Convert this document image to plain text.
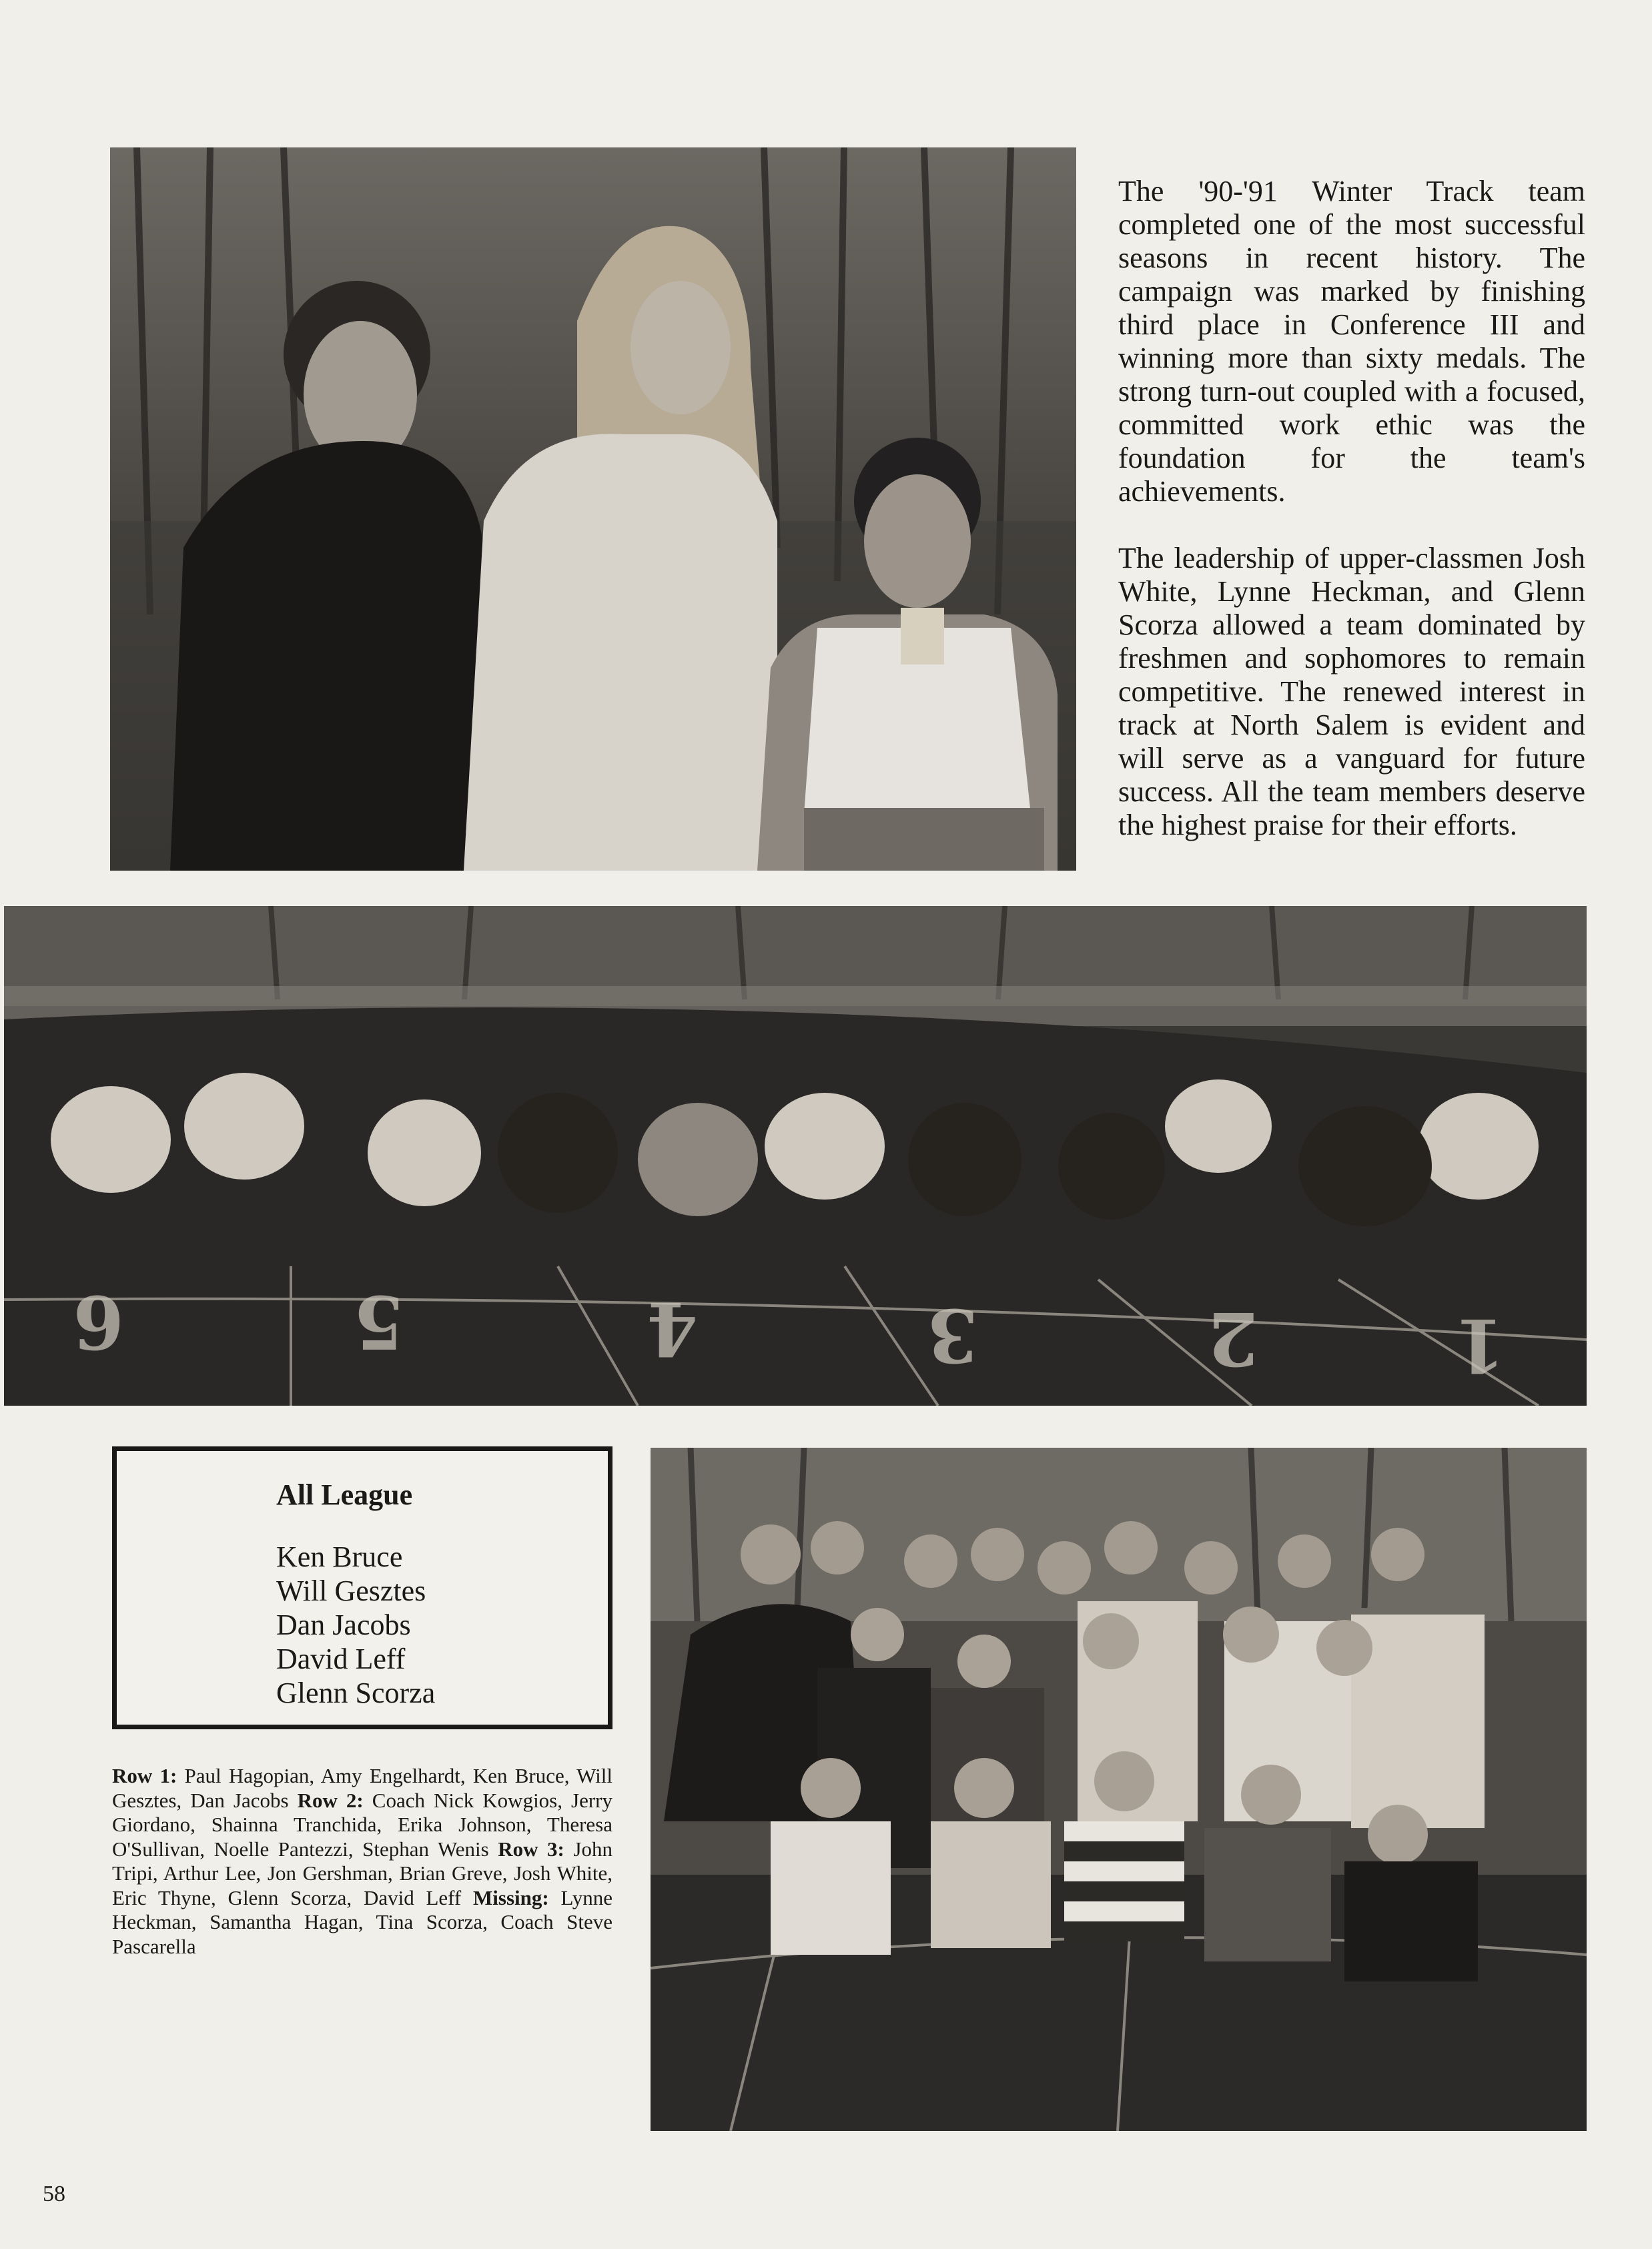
6	5	4	3	2	1

The '90-'91 Winter Track team completed one of the most successful seasons in recent history. The campaign was marked by finishing third place in Conference III and winning more than sixty medals. The strong turn-out coupled with a focused, committed work ethic was the foundation for the team's achievements.

The leadership of upper-classmen Josh White, Lynne Heckman, and Glenn Scorza allowed a team dominated by freshmen and sophomores to remain competitive. The renewed interest in track at North Salem is evident and will serve as a vanguard for future success. All the team members deserve the highest praise for their efforts.

All League
Ken Bruce
Will Gesztes
Dan Jacobs
David Leff
Glenn Scorza
Row 1: Paul Hagopian, Amy Engelhardt, Ken Bruce, Will Gesztes, Dan Jacobs Row 2: Coach Nick Kowgios, Jerry Giordano, Shainna Tranchida, Erika Johnson, Theresa O'Sullivan, Noelle Pantezzi, Stephan Wenis Row 3: John Tripi, Arthur Lee, Jon Gershman, Brian Greve, Josh White, Eric Thyne, Glenn Scorza, David Leff Missing: Lynne Heckman, Samantha Hagan, Tina Scorza, Coach Steve Pascarella
58
